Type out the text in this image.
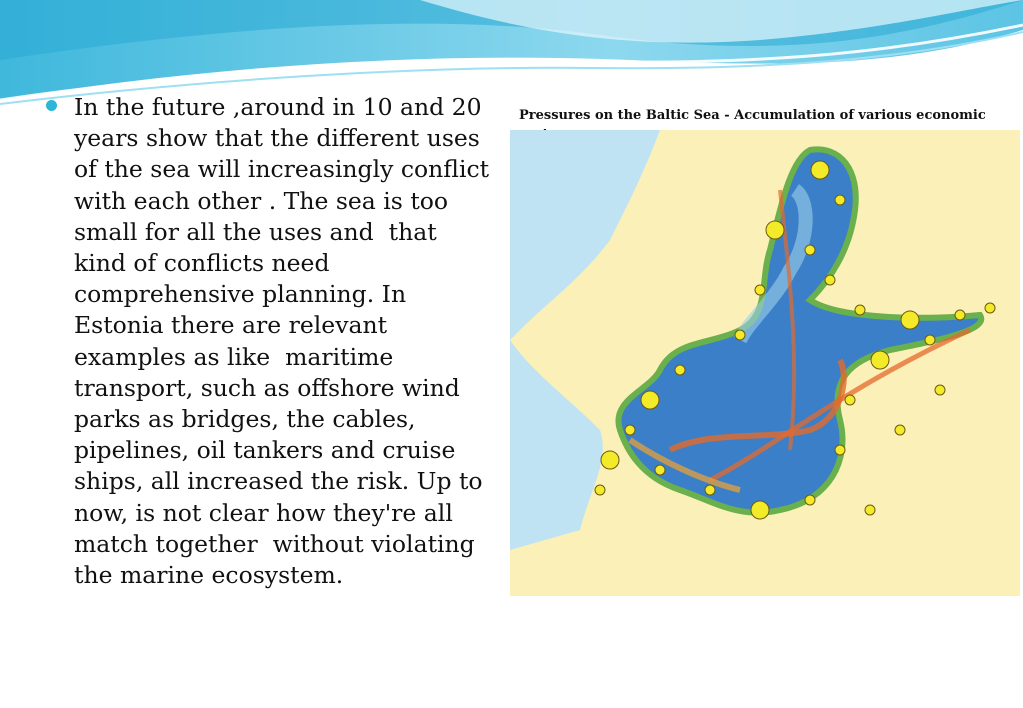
In the future ,around in 10 and 20
years show that the different uses
of the sea will increasingly conflict
with each other . The sea is too
small for all the uses and  that
kind of conflicts need
comprehensive planning. In
Estonia there are relevant
examples as like  maritime
transport, such as offshore wind
parks as bridges, the cables,
pipelines, oil tankers and cruise
ships, all increased the risk. Up to
now, is not clear how they're all
match together  without violating
the marine ecosystem.
Pressures on the Baltic Sea - Accumulation of various economic
